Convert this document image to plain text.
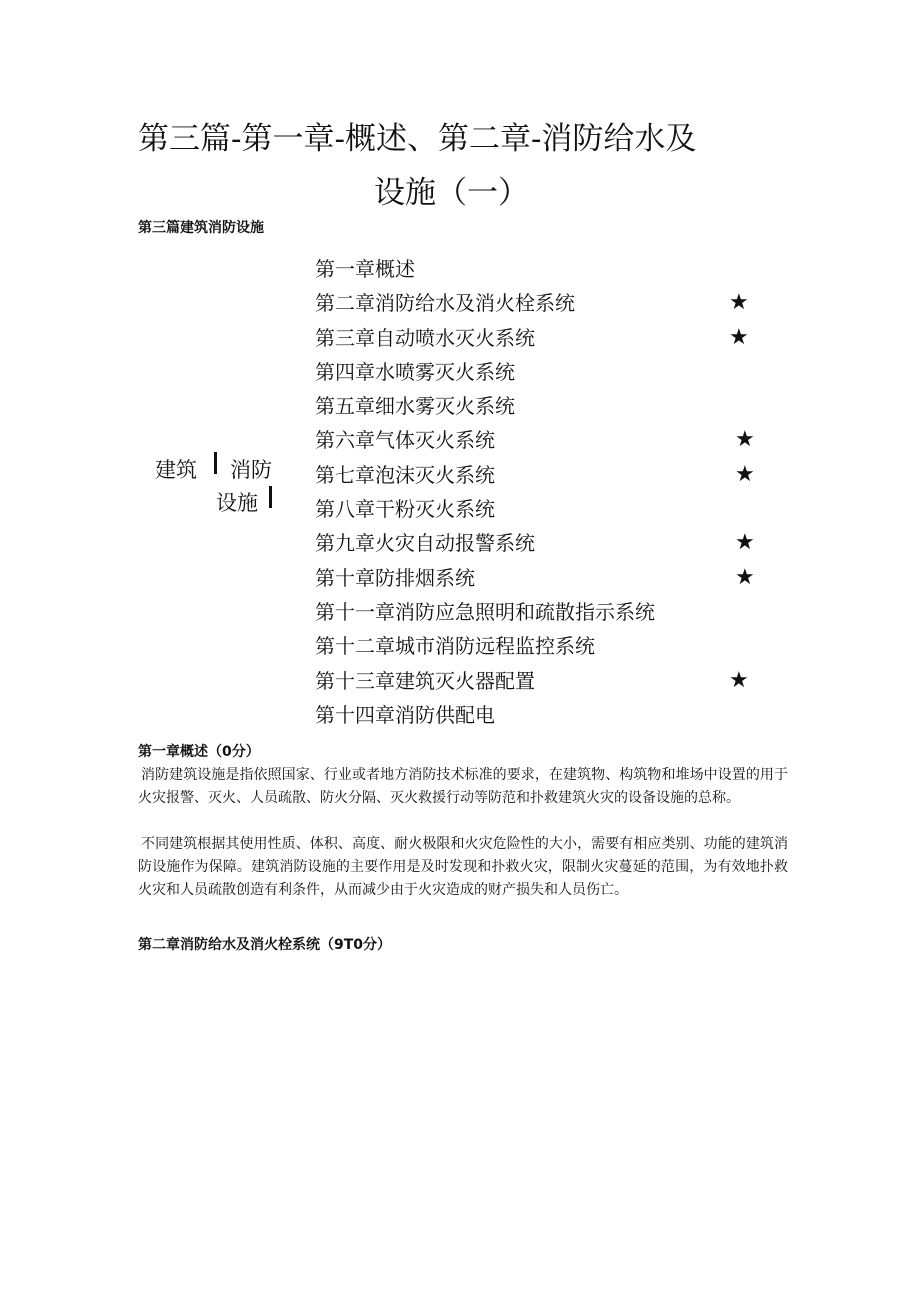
第三篇-第一章-概述、第二章-消防给水及
设施（一）
第三篇建筑消防设施
建筑 消防
设施
第一章概述
第二章消防给水及消火栓系统	★
第三章自动喷水灭火系统	★
第四章水喷雾灭火系统
第五章细水雾灭火系统
第六章气体灭火系统	★
第七章泡沫灭火系统	★
第八章干粉灭火系统
第九章火灾自动报警系统	★
第十章防排烟系统	★
第十一章消防应急照明和疏散指示系统
第十二章城市消防远程监控系统
第十三章建筑灭火器配置	★
第十四章消防供配电
第一章概述（0分）

消防建筑设施是指依照国家、行业或者地方消防技术标准的要求，在建筑物、构筑物和堆场中设置的用于火灾报警、灭火、人员疏散、防火分隔、灭火救援行动等防范和扑救建筑火灾的设备设施的总称。

不同建筑根据其使用性质、体积、高度、耐火极限和火灾危险性的大小，需要有相应类别、功能的建筑消防设施作为保障。建筑消防设施的主要作用是及时发现和扑救火灾，限制火灾蔓延的范围，为有效地扑救火灾和人员疏散创造有利条件，从而减少由于火灾造成的财产损失和人员伤亡。

第二章消防给水及消火栓系统（9T0分）
